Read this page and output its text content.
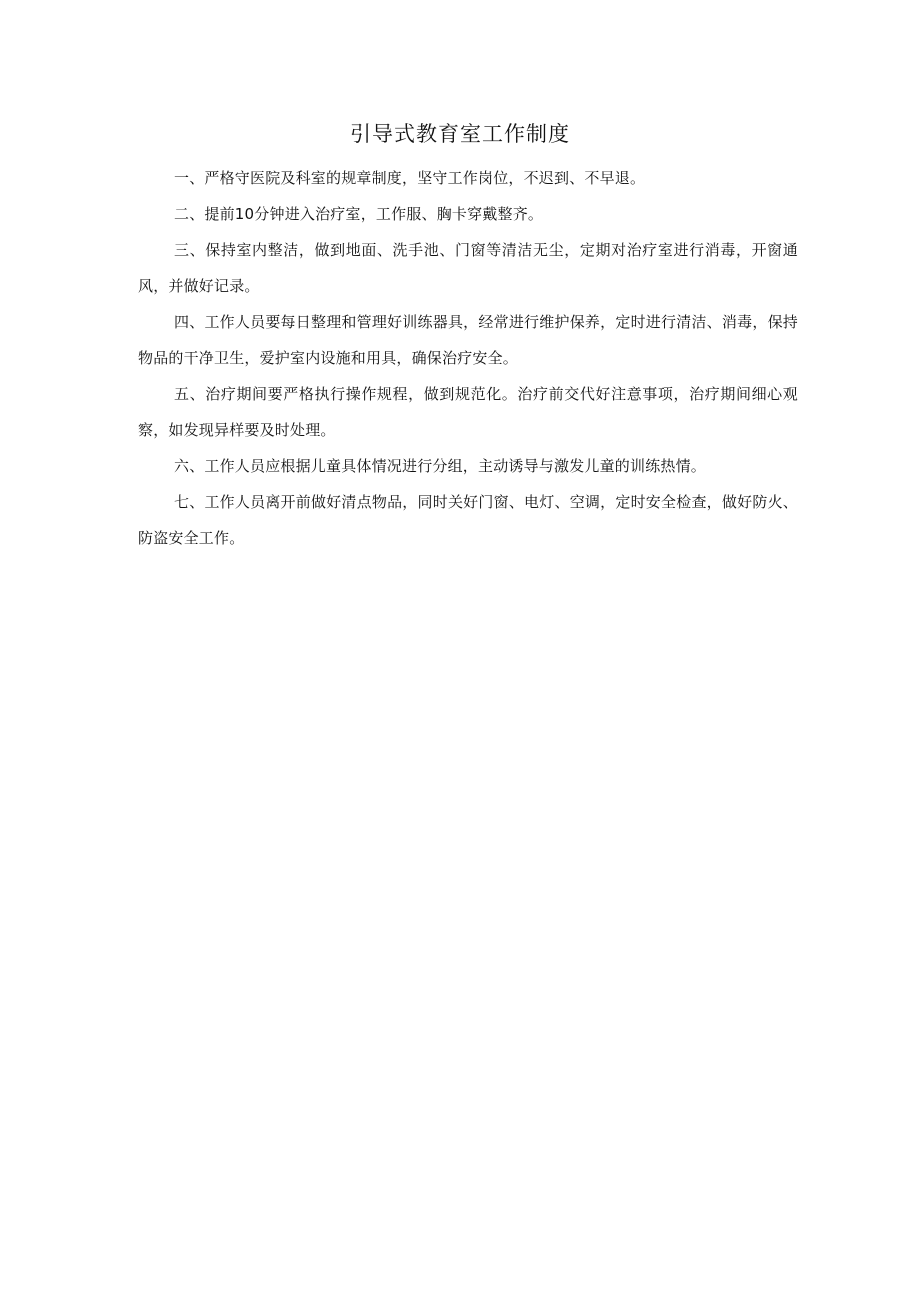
引导式教育室工作制度

一、严格守医院及科室的规章制度，坚守工作岗位，不迟到、不早退。

二、提前10分钟进入治疗室，工作服、胸卡穿戴整齐。

三、保持室内整洁，做到地面、洗手池、门窗等清洁无尘，定期对治疗室进行消毒，开窗通风，并做好记录。

四、工作人员要每日整理和管理好训练器具，经常进行维护保养，定时进行清洁、消毒，保持物品的干净卫生，爱护室内设施和用具，确保治疗安全。

五、治疗期间要严格执行操作规程，做到规范化。治疗前交代好注意事项，治疗期间细心观察，如发现异样要及时处理。

六、工作人员应根据儿童具体情况进行分组，主动诱导与激发儿童的训练热情。

七、工作人员离开前做好清点物品，同时关好门窗、电灯、空调，定时安全检查，做好防火、防盗安全工作。
